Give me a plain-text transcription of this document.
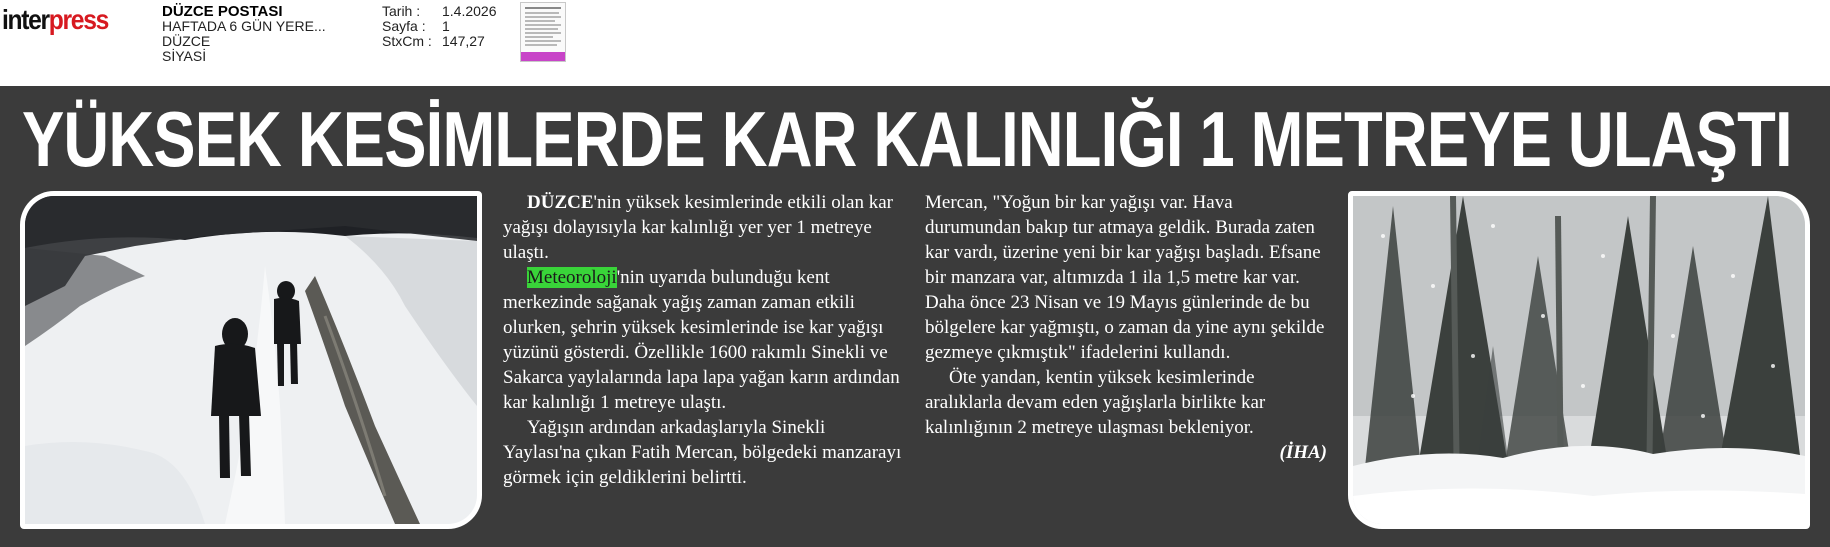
interpress	DÜZCE POSTASI
HAFTADA 6 GÜN YERE...
DÜZCE
SİYASİ
Tarih :	1.4.2026
Sayfa :	1
StxCm : 147,27
YÜKSEK KESİMLERDE KAR KALINLIĞI 1 METREYE ULAŞTI

DÜZCE'nin yüksek kesimlerinde etkili olan kar yağışı dolayısıyla kar kalınlığı yer yer 1 metreye ulaştı.

Meteoroloji'nin uyarıda bulunduğu kent merkezinde sağanak yağış zaman zaman etkili olurken, şehrin yüksek kesimlerinde ise kar yağışı yüzünü gösterdi. Özellikle 1600 rakımlı Sinekli ve Sakarca yaylalarında lapa lapa yağan karın ardından kar kalınlığı 1 metreye ulaştı.

Yağışın ardından arkadaşlarıyla Sinekli Yaylası'na çıkan Fatih Mercan, bölgedeki manzarayı görmek için geldiklerini belirtti.

Mercan, "Yoğun bir kar yağışı var. Hava durumundan bakıp tur atmaya geldik. Burada zaten kar vardı, üzerine yeni bir kar yağışı başladı. Efsane bir manzara var, altımızda 1 ila 1,5 metre kar var. Daha önce 23 Nisan ve 19 Mayıs günlerinde de bu bölgelere kar yağmıştı, o zaman da yine aynı şekilde gezmeye çıkmıştık" ifadelerini kullandı.

Öte yandan, kentin yüksek kesimlerinde aralıklarla devam eden yağışlarla birlikte kar kalınlığının 2 metreye ulaşması bekleniyor.

(İHA)
